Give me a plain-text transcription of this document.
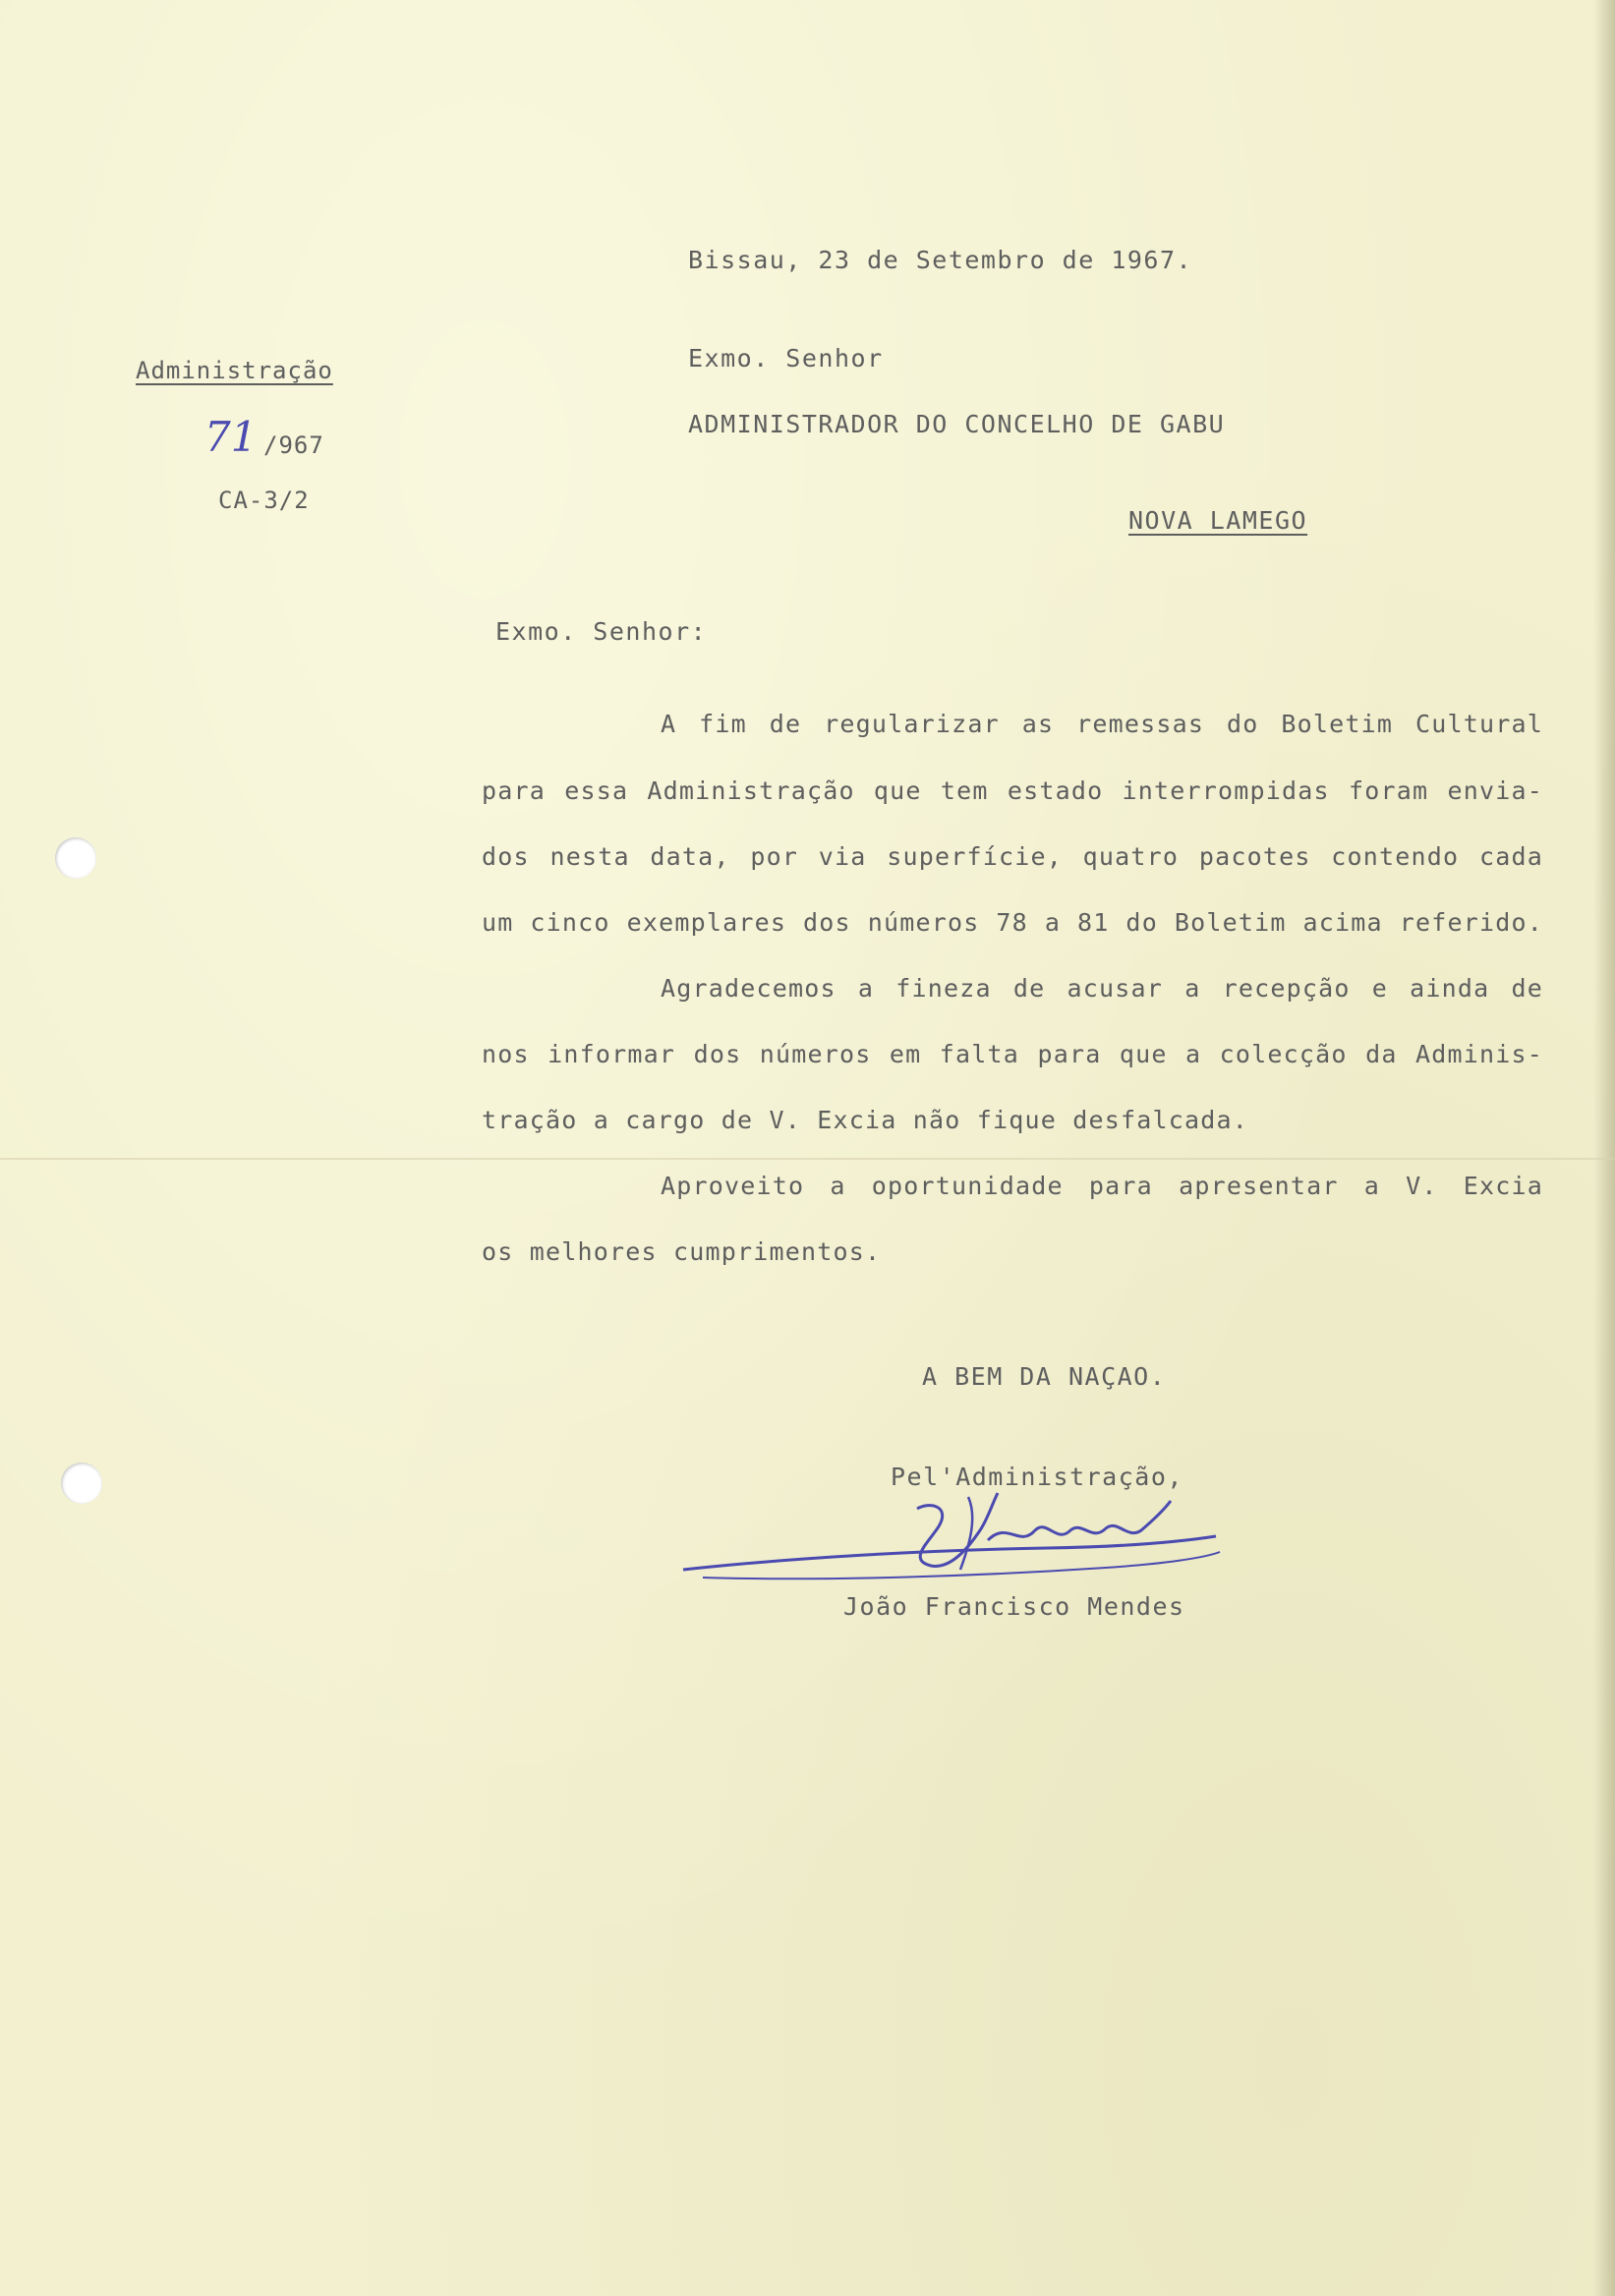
Administração
71 /967
CA-3/2
Bissau, 23 de Setembro de 1967.
Exmo. Senhor
ADMINISTRADOR DO CONCELHO DE GABU
NOVA LAMEGO
Exmo. Senhor:
A fim de regularizar as remessas do Boletim Cultural
para essa Administração que tem estado interrompidas foram envia-
dos nesta data, por via superfície, quatro pacotes contendo cada
um cinco exemplares dos números 78 a 81 do Boletim acima referido.
Agradecemos a fineza de acusar a recepção e ainda de
nos informar dos números em falta para que a colecção da Adminis-
tração a cargo de V. Excia não fique desfalcada.
Aproveito a oportunidade para apresentar a V. Excia
os melhores cumprimentos.
A BEM DA NAÇAO.
Pel'Administração,
João Francisco Mendes
